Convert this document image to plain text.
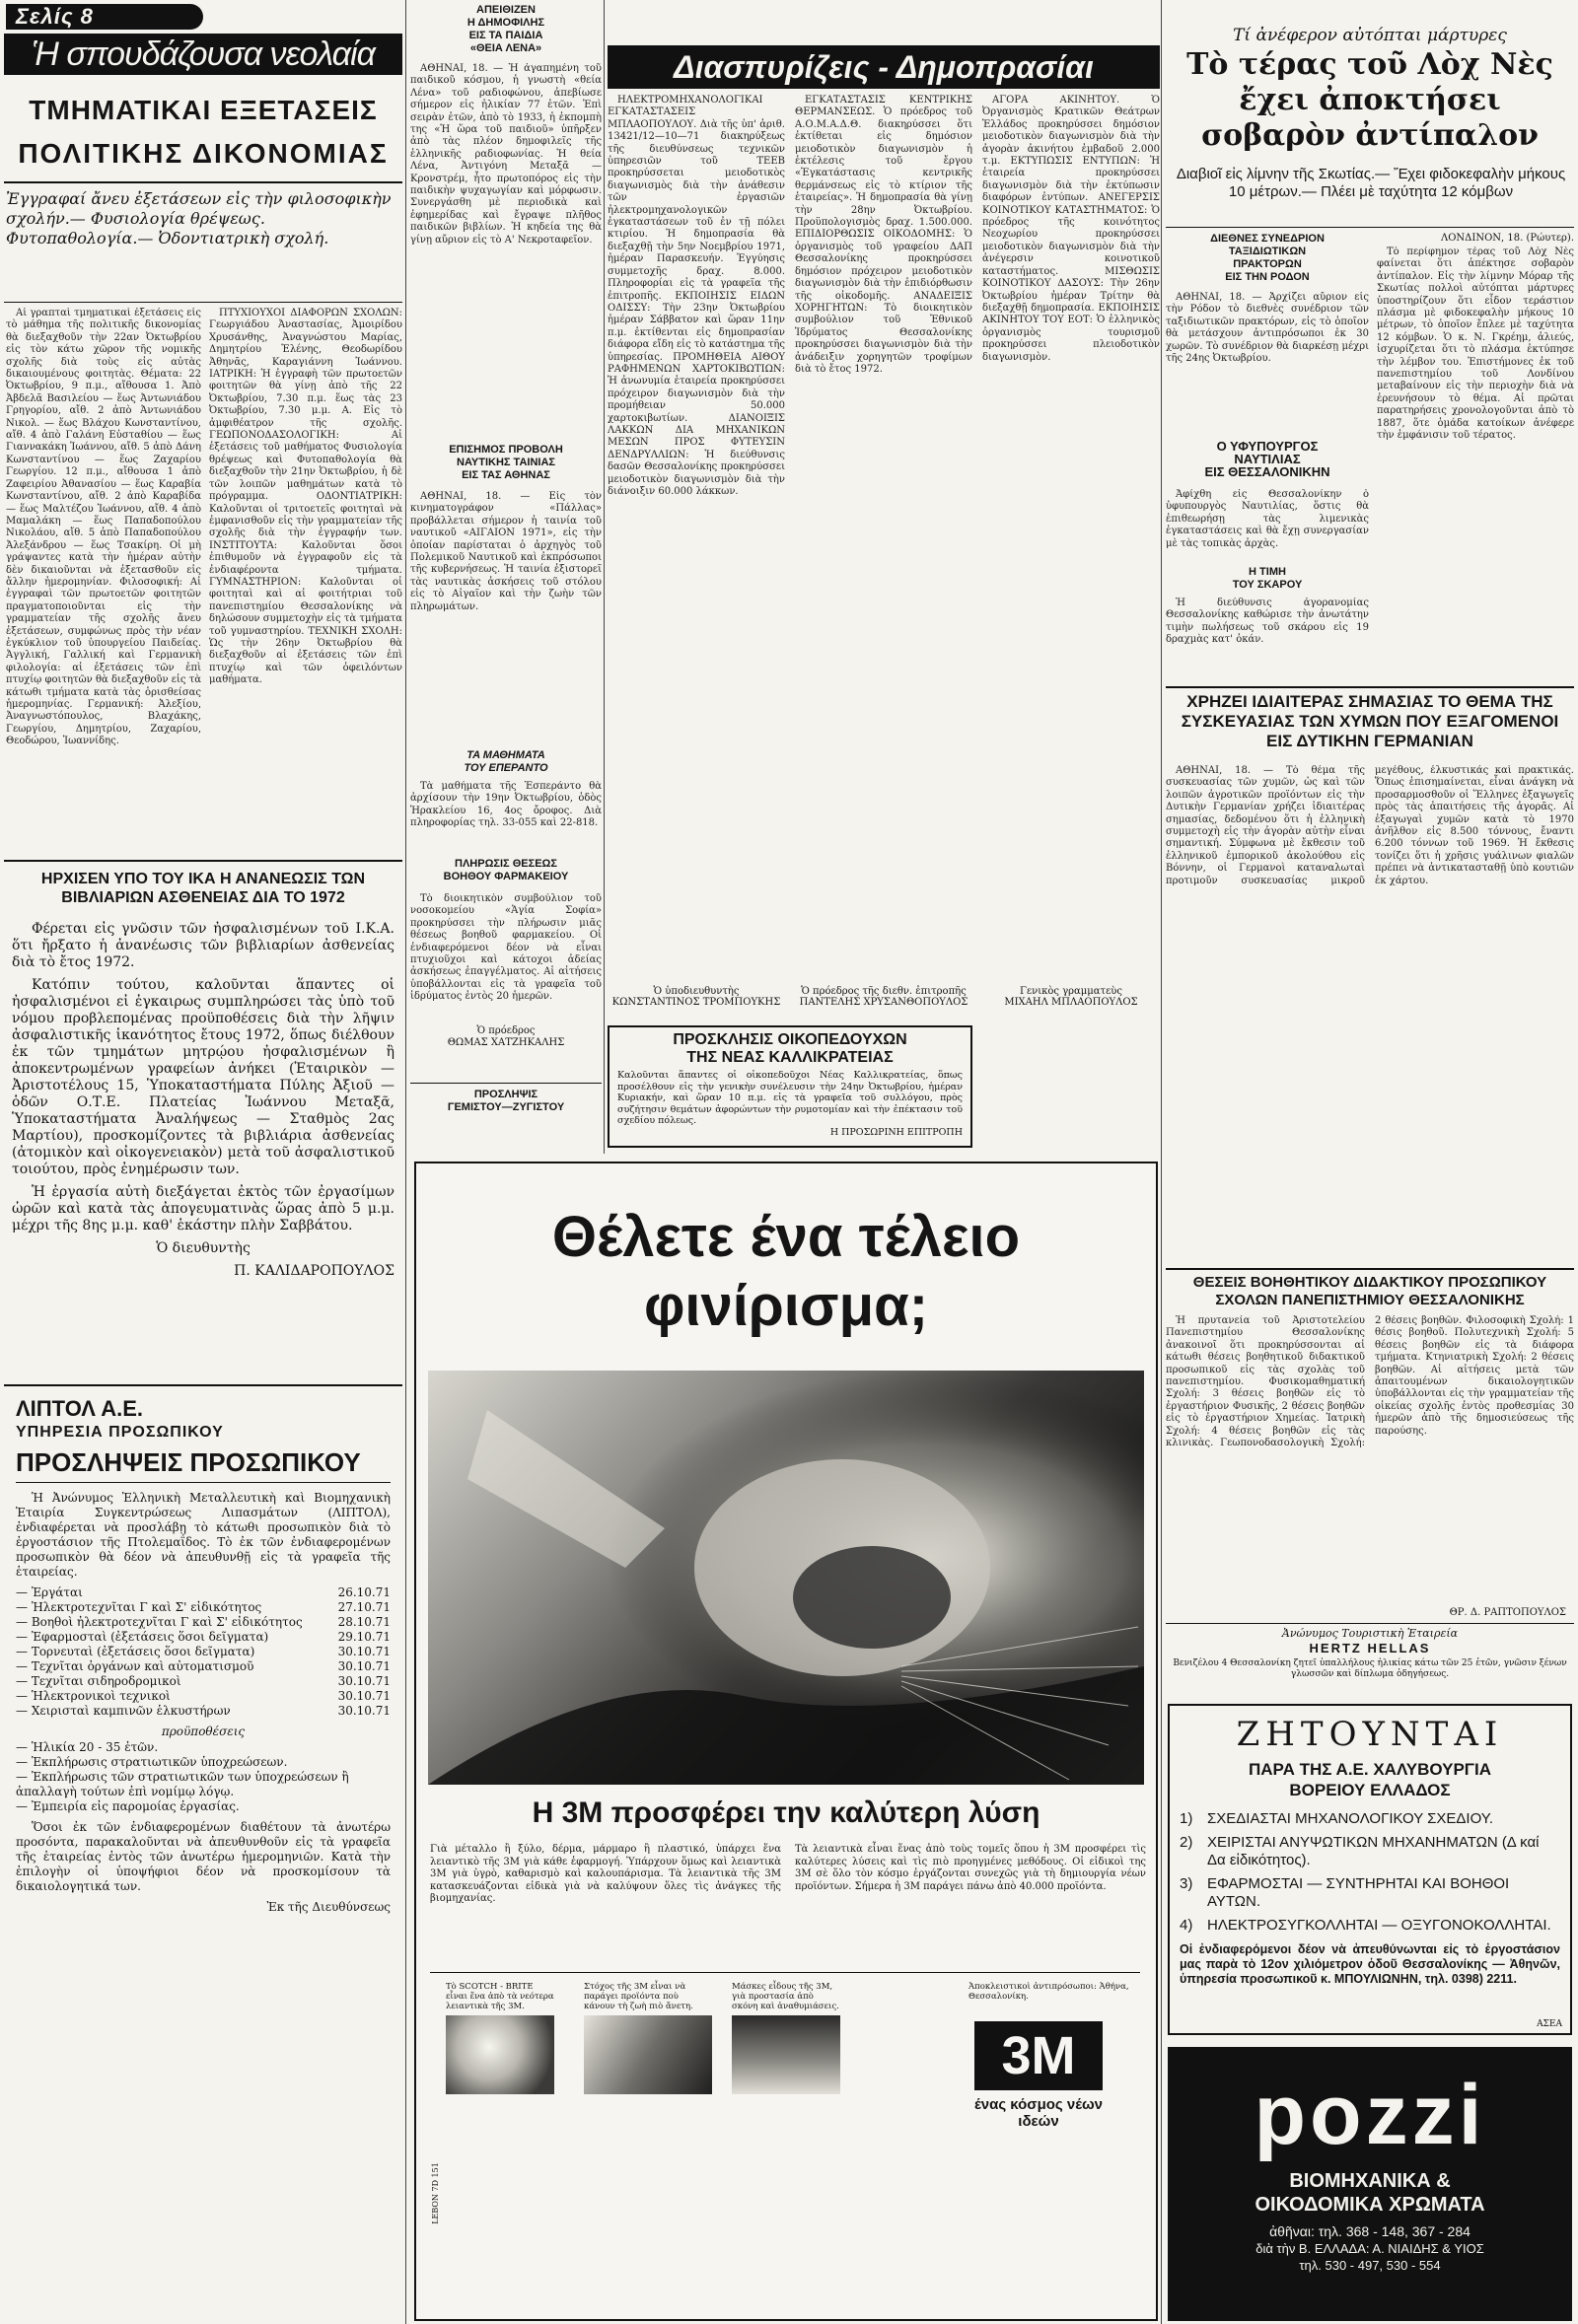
Σελίς 8
Ἡ σπουδάζουσα νεολαία
ΤΜΗΜΑΤΙΚΑΙ ΕΞΕΤΑΣΕΙΣ
ΠΟΛΙΤΙΚΗΣ ΔΙΚΟΝΟΜΙΑΣ

Ἐγγραφαί ἄνευ ἐξετάσεων εἰς τὴν φιλοσοφικὴν σχολήν.— Φυσιολογία θρέψεως. Φυτοπαθολογία.— Ὀδοντιατρικὴ σχολή.

Αἱ γραπταὶ τμηματικαὶ ἐξετάσεις εἰς τὸ μάθημα τῆς πολιτικῆς δικονομίας θὰ διεξαχθοῦν τὴν 22αν Ὀκτωβρίου εἰς τὸν κάτω χῶρον τῆς νομικῆς σχολῆς διὰ τοὺς εἰς αὐτὰς δικαιουμένους φοιτητὰς. Θέματα: 22 Ὀκτωβρίου, 9 π.μ., αἴθουσα 1. Ἀπὸ Ἀβδελᾶ Βασιλείου — ἕως Ἀντωνιάδου Γρηγορίου, αἴθ. 2 ἀπὸ Ἀντωνιάδου Νικολ. — ἕως Βλάχου Κωνσταντίνου, αἴθ. 4 ἀπὸ Γαλάνη Εὐσταθίου — ἕως Γιαννακάκη Ἰωάννου, αἴθ. 5 ἀπὸ Δάνη Κωνσταντίνου — ἕως Ζαχαρίου Γεωργίου. 12 π.μ., αἴθουσα 1 ἀπὸ Ζαφειρίου Ἀθανασίου — ἕως Καραβία Κωνσταντίνου, αἴθ. 2 ἀπὸ Καραβίδα — ἕως Μαλτέζου Ἰωάννου, αἴθ. 4 ἀπὸ Μαμαλάκη — ἕως Παπαδοπούλου Νικολάου, αἴθ. 5 ἀπὸ Παπαδοπούλου Ἀλεξάνδρου — ἕως Τσακίρη. Οἱ μὴ γράψαντες κατὰ τὴν ἡμέραν αὐτὴν δὲν δικαιοῦνται νὰ ἐξετασθοῦν εἰς ἄλλην ἡμερομηνίαν. Φιλοσοφική: Αἱ ἐγγραφαὶ τῶν πρωτοετῶν φοιτητῶν πραγματοποιοῦνται εἰς τὴν γραμματείαν τῆς σχολῆς ἄνευ ἐξετάσεων, συμφώνως πρὸς τὴν νέαν ἐγκύκλιον τοῦ ὑπουργείου Παιδείας. Ἀγγλική, Γαλλική καὶ Γερμανικὴ φιλολογία: αἱ ἐξετάσεις τῶν ἐπὶ πτυχίῳ φοιτητῶν θὰ διεξαχθοῦν εἰς τὰ κάτωθι τμήματα κατὰ τὰς ὁρισθείσας ἡμερομηνίας. Γερμανική: Ἀλεξίου, Ἀναγνωστόπουλος, Βλαχάκης, Γεωργίου, Δημητρίου, Ζαχαρίου, Θεοδώρου, Ἰωαννίδης.

ΠΤΥΧΙΟΥΧΟΙ ΔΙΑΦΟΡΩΝ ΣΧΟΛΩΝ: Γεωργιάδου Ἀναστασίας, Ἀμοιρίδου Χρυσάνθης, Ἀναγνώστου Μαρίας, Δημητρίου Ἑλένης, Θεοδωρίδου Ἀθηνᾶς, Καραγιάννη Ἰωάννου. ΙΑΤΡΙΚΗ: Ἡ ἐγγραφὴ τῶν πρωτοετῶν φοιτητῶν θὰ γίνῃ ἀπὸ τῆς 22 Ὀκτωβρίου, 7.30 π.μ. ἕως τὰς 23 Ὀκτωβρίου, 7.30 μ.μ. Α. Εἰς τὸ ἀμφιθέατρον τῆς σχολῆς. ΓΕΩΠΟΝΟΔΑΣΟΛΟΓΙΚΗ: Αἱ ἐξετάσεις τοῦ μαθήματος Φυσιολογία θρέψεως καὶ Φυτοπαθολογία θὰ διεξαχθοῦν τὴν 21ην Ὀκτωβρίου, ἡ δὲ τῶν λοιπῶν μαθημάτων κατὰ τὸ πρόγραμμα. ΟΔΟΝΤΙΑΤΡΙΚΗ: Καλοῦνται οἱ τριτοετεῖς φοιτηταὶ νὰ ἐμφανισθοῦν εἰς τὴν γραμματείαν τῆς σχολῆς διὰ τὴν ἐγγραφήν των. ΙΝΣΤΙΤΟΥΤΑ: Καλοῦνται ὅσοι ἐπιθυμοῦν νὰ ἐγγραφοῦν εἰς τὰ ἐνδιαφέροντα τμήματα. ΓΥΜΝΑΣΤΗΡΙΟΝ: Καλοῦνται οἱ φοιτηταὶ καὶ αἱ φοιτήτριαι τοῦ πανεπιστημίου Θεσσαλονίκης νὰ δηλώσουν συμμετοχὴν εἰς τὰ τμήματα τοῦ γυμναστηρίου. ΤΕΧΝΙΚΗ ΣΧΟΛΗ: Ὡς τὴν 26ην Ὀκτωβρίου θὰ διεξαχθοῦν αἱ ἐξετάσεις τῶν ἐπὶ πτυχίῳ καὶ τῶν ὀφειλόντων μαθήματα.

ΗΡΧΙΣΕΝ ΥΠΟ ΤΟΥ ΙΚΑ Η ΑΝΑΝΕΩΣΙΣ ΤΩΝ ΒΙΒΛΙΑΡΙΩΝ ΑΣΘΕΝΕΙΑΣ ΔΙΑ ΤΟ 1972

Φέρεται εἰς γνῶσιν τῶν ἠσφαλισμένων τοῦ Ι.Κ.Α. ὅτι ἤρξατο ἡ ἀνανέωσις τῶν βιβλιαρίων ἀσθενείας διὰ τὸ ἔτος 1972.

Κατόπιν τούτου, καλοῦνται ἅπαντες οἱ ἠσφαλισμένοι εἰ ἐγκαιρως συμπληρώσει τὰς ὑπὸ τοῦ νόμου προβλεπομένας προϋποθέσεις διὰ τὴν λῆψιν ἀσφαλιστικῆς ἱκανότητος ἔτους 1972, ὅπως διέλθουν ἐκ τῶν τμημάτων μητρῴου ἠσφαλισμένων ἢ ἀποκεντρωμένων γραφείων ἀνήκει (Ἑταιρικὸν — Ἀριστοτέλους 15, Ὑποκαταστήματα Πύλης Ἀξιοῦ — ὁδῶν Ο.Τ.Ε. Πλατείας Ἰωάννου Μεταξᾶ, Ὑποκαταστήματα Ἀναλήψεως — Σταθμὸς 2ας Μαρτίου), προσκομίζοντες τὰ βιβλιάρια ἀσθενείας (ἀτομικὸν καὶ οἰκογενειακὸν) μετὰ τοῦ ἀσφαλιστικοῦ τοιούτου, πρὸς ἐνημέρωσιν των.

Ἡ ἐργασία αὐτὴ διεξάγεται ἐκτὸς τῶν ἐργασίμων ὡρῶν καὶ κατὰ τὰς ἀπογευματινὰς ὥρας ἀπὸ 5 μ.μ. μέχρι τῆς 8ης μ.μ. καθ' ἑκάστην πλὴν Σαββάτου.

Ὁ διευθυντὴς

Π. ΚΑΛΙΔΑΡΟΠΟΥΛΟΣ

ΛΙΠΤΟΛ Α.Ε.
ΥΠΗΡΕΣΙΑ ΠΡΟΣΩΠΙΚΟΥ
ΠΡΟΣΛΗΨΕΙΣ ΠΡΟΣΩΠΙΚΟΥ

Ἡ Ἀνώνυμος Ἑλληνικὴ Μεταλλευτικὴ καὶ Βιομηχανικὴ Ἑταιρία Συγκεντρώσεως Λιπασμάτων (ΛΙΠΤΟΛ), ἐνδιαφέρεται νὰ προσλάβῃ τὸ κάτωθι προσωπικὸν διὰ τὸ ἐργοστάσιον τῆς Πτολεμαΐδος. Τὸ ἐκ τῶν ἐνδιαφερομένων προσωπικὸν θὰ δέον νὰ ἀπευθυνθῇ εἰς τὰ γραφεῖα τῆς ἑταιρείας.

— Ἐργάται	26.10.71
— Ἠλεκτροτεχνῖται Γ καὶ Σ' εἰδικότητος	27.10.71
— Βοηθοὶ ἠλεκτροτεχνῖται Γ καὶ Σ' εἰδικότητος	28.10.71
— Ἐφαρμοσταὶ (ἐξετάσεις ὅσοι δεῖγματα)	29.10.71
— Τορνευταὶ (ἐξετάσεις ὅσοι δεῖγματα)	30.10.71
— Τεχνῖται ὀργάνων καὶ αὐτοματισμοῦ	30.10.71
— Τεχνῖται σιδηροδρομικοὶ	30.10.71
— Ἡλεκτρονικοὶ τεχνικοὶ	30.10.71
— Χειρισταὶ καμπινῶν ἑλκυστήρων	30.10.71

προϋποθέσεις

— Ἡλικία 20 - 35 ἐτῶν.

— Ἐκπλήρωσις στρατιωτικῶν ὑποχρεώσεων.

— Ἐκπλήρωσις τῶν στρατιωτικῶν των ὑποχρεώσεων ἢ ἀπαλλαγὴ τούτων ἐπὶ νομίμῳ λόγῳ.

— Ἐμπειρία εἰς παρομοίας ἐργασίας.

Ὅσοι ἐκ τῶν ἐνδιαφερομένων διαθέτουν τὰ ἀνωτέρω προσόντα, παρακαλοῦνται νὰ ἀπευθυνθοῦν εἰς τὰ γραφεῖα τῆς ἑταιρείας ἐντὸς τῶν ἀνωτέρω ἡμερομηνιῶν. Κατὰ τὴν ἐπιλογὴν οἱ ὑποψήφιοι δέον νὰ προσκομίσουν τὰ δικαιολογητικά των.

Ἐκ τῆς Διευθύνσεως

ΑΠΕΙΘΙΖΕΝ

Η ΔΗΜΟΦΙΛΗΣ

ΕΙΣ ΤΑ ΠΑΙΔΙΑ

«ΘΕΙΑ ΛΕΝΑ»

ΑΘΗΝΑΙ, 18. — Ἡ ἀγαπημένη τοῦ παιδικοῦ κόσμου, ἡ γνωστὴ «θεία Λένα» τοῦ ραδιοφώνου, ἀπεβίωσε σήμερον εἰς ἡλικίαν 77 ἐτῶν. Ἐπὶ σειρὰν ἐτῶν, ἀπὸ τὸ 1933, ἡ ἐκπομπὴ της «Ἡ ὥρα τοῦ παιδιοῦ» ὑπῆρξεν ἀπὸ τὰς πλέον δημοφιλεῖς τῆς ἑλληνικῆς ραδιοφωνίας. Ἡ θεία Λένα, Ἀντιγόνη Μεταξᾶ — Κρονστρέμ, ἦτο πρωτοπόρος εἰς τὴν παιδικὴν ψυχαγωγίαν καὶ μόρφωσιν. Συνεργάσθη μὲ περιοδικὰ καὶ ἐφημερίδας καὶ ἔγραψε πλῆθος παιδικῶν βιβλίων. Ἡ κηδεία της θὰ γίνῃ αὔριον εἰς τὸ Α' Νεκροταφεῖον.

ΕΠΙΣΗΜΟΣ ΠΡΟΒΟΛΗ

ΝΑΥΤΙΚΗΣ ΤΑΙΝΙΑΣ

ΕΙΣ ΤΑΣ ΑΘΗΝΑΣ

ΑΘΗΝΑΙ, 18. — Εἰς τὸν κινηματογράφον «Πάλλας» προβάλλεται σήμερον ἡ ταινία τοῦ ναυτικοῦ «ΑΙΓΑΙΟΝ 1971», εἰς τὴν ὁποίαν παρίσταται ὁ ἀρχηγὸς τοῦ Πολεμικοῦ Ναυτικοῦ καὶ ἐκπρόσωποι τῆς κυβερνήσεως. Ἡ ταινία ἐξιστορεῖ τὰς ναυτικὰς ἀσκήσεις τοῦ στόλου εἰς τὸ Αἰγαῖον καὶ τὴν ζωὴν τῶν πληρωμάτων.

ΤΑ ΜΑΘΗΜΑΤΑ

ΤΟΥ ΕΠΕΡΑΝΤΟ

Τὰ μαθήματα τῆς Ἐσπεράντο θὰ ἀρχίσουν τὴν 19ην Ὀκτωβρίου, ὁδὸς Ἡρακλείου 16, 4ος ὄροφος. Διὰ πληροφορίας τηλ. 33-055 καὶ 22-818.

ΠΛΗΡΩΣΙΣ ΘΕΣΕΩΣ

ΒΟΗΘΟΥ ΦΑΡΜΑΚΕΙΟΥ

Τὸ διοικητικὸν συμβούλιον τοῦ νοσοκομείου «Ἁγία Σοφία» προκηρύσσει τὴν πλήρωσιν μιᾶς θέσεως βοηθοῦ φαρμακείου. Οἱ ἐνδιαφερόμενοι δέον νὰ εἶναι πτυχιοῦχοι καὶ κάτοχοι ἀδείας ἀσκήσεως ἐπαγγέλματος. Αἱ αἰτήσεις ὑποβάλλονται εἰς τὰ γραφεῖα τοῦ ἱδρύματος ἐντὸς 20 ἡμερῶν.

Ὁ πρόεδρος

ΘΩΜΑΣ ΧΑΤΖΗΚΑΛΗΣ

ΠΡΟΣΛΗΨΙΣ

ΓΕΜΙΣΤΟΥ—ΖΥΓΙΣΤΟΥ

Διασπυρίζεις - Δημοπρασίαι

ΗΛΕΚΤΡΟΜΗΧΑΝΟΛΟΓΙΚΑΙ ΕΓΚΑΤΑΣΤΑΣΕΙΣ ΜΠΛΑΟΠΟΥΛΟΥ. Διὰ τῆς ὑπ' ἀριθ. 13421/12—10—71 διακηρύξεως τῆς διευθύνσεως τεχνικῶν ὑπηρεσιῶν τοῦ ΤΕΕΒ προκηρύσσεται μειοδοτικὸς διαγωνισμὸς διὰ τὴν ἀνάθεσιν τῶν ἐργασιῶν ἠλεκτρομηχανολογικῶν ἐγκαταστάσεων τοῦ ἐν τῇ πόλει κτιρίου. Ἡ δημοπρασία θὰ διεξαχθῇ τὴν 5ην Νοεμβρίου 1971, ἡμέραν Παρασκευήν. Ἐγγύησις συμμετοχῆς δραχ. 8.000. Πληροφορίαι εἰς τὰ γραφεῖα τῆς ἐπιτροπῆς. ΕΚΠΟΙΗΣΙΣ ΕΙΔΩΝ ΟΔΙΣΣΥ: Τὴν 23ην Ὀκτωβρίου ἡμέραν Σάββατον καὶ ὥραν 11ην π.μ. ἐκτίθενται εἰς δημοπρασίαν διάφορα εἴδη εἰς τὸ κατάστημα τῆς ὑπηρεσίας. ΠΡΟΜΗΘΕΙΑ ΑΙΘΟΥ ΡΑΦΗΜΕΝΩΝ ΧΑΡΤΟΚΙΒΩΤΙΩΝ: Ἡ ἀνωνυμία ἑταιρεία προκηρύσσει πρόχειρον διαγωνισμὸν διὰ τὴν προμήθειαν 50.000 χαρτοκιβωτίων. ΔΙΑΝΟΙΞΙΣ ΛΑΚΚΩΝ ΔΙΑ ΜΗΧΑΝΙΚΩΝ ΜΕΣΩΝ ΠΡΟΣ ΦΥΤΕΥΣΙΝ ΔΕΝΔΡΥΛΛΙΩΝ: Ἡ διεύθυνσις δασῶν Θεσσαλονίκης προκηρύσσει μειοδοτικὸν διαγωνισμὸν διὰ τὴν διάνοιξιν 60.000 λάκκων.

ΕΓΚΑΤΑΣΤΑΣΙΣ ΚΕΝΤΡΙΚΗΣ ΘΕΡΜΑΝΣΕΩΣ. Ὁ πρόεδρος τοῦ Α.Ο.Μ.Α.Δ.Θ. διακηρύσσει ὅτι ἐκτίθεται εἰς δημόσιον μειοδοτικὸν διαγωνισμὸν ἡ ἐκτέλεσις τοῦ ἔργου «Ἐγκατάστασις κεντρικῆς θερμάνσεως εἰς τὸ κτίριον τῆς ἑταιρείας». Ἡ δημοπρασία θὰ γίνῃ τὴν 28ην Ὀκτωβρίου. Προϋπολογισμὸς δραχ. 1.500.000. ΕΠΙΔΙΟΡΘΩΣΙΣ ΟΙΚΟΔΟΜΗΣ: Ὁ ὀργανισμὸς τοῦ γραφείου ΔΑΠ Θεσσαλονίκης προκηρύσσει δημόσιον πρόχειρον μειοδοτικὸν διαγωνισμὸν διὰ τὴν ἐπιδιόρθωσιν τῆς οἰκοδομῆς. ΑΝΑΔΕΙΞΙΣ ΧΟΡΗΓΗΤΩΝ: Τὸ διοικητικὸν συμβούλιον τοῦ Ἐθνικοῦ Ἱδρύματος Θεσσαλονίκης προκηρύσσει διαγωνισμὸν διὰ τὴν ἀνάδειξιν χορηγητῶν τροφίμων διὰ τὸ ἔτος 1972.

ΑΓΟΡΑ ΑΚΙΝΗΤΟΥ. Ὁ Ὀργανισμὸς Κρατικῶν Θεάτρων Ἑλλάδος προκηρύσσει δημόσιον μειοδοτικὸν διαγωνισμὸν διὰ τὴν ἀγορὰν ἀκινήτου ἐμβαδοῦ 2.000 τ.μ. ΕΚΤΥΠΩΣΙΣ ΕΝΤΥΠΩΝ: Ἡ ἑταιρεία προκηρύσσει διαγωνισμὸν διὰ τὴν ἐκτύπωσιν διαφόρων ἐντύπων. ΑΝΕΓΕΡΣΙΣ ΚΟΙΝΟΤΙΚΟΥ ΚΑΤΑΣΤΗΜΑΤΟΣ: Ὁ πρόεδρος τῆς κοινότητος Νεοχωρίου προκηρύσσει μειοδοτικὸν διαγωνισμὸν διὰ τὴν ἀνέγερσιν κοινοτικοῦ καταστήματος. ΜΙΣΘΩΣΙΣ ΚΟΙΝΟΤΙΚΟΥ ΔΑΣΟΥΣ: Τὴν 26ην Ὀκτωβρίου ἡμέραν Τρίτην θὰ διεξαχθῇ δημοπρασία. ΕΚΠΟΙΗΣΙΣ ΑΚΙΝΗΤΟΥ ΤΟΥ ΕΟΤ: Ὁ ἑλληνικὸς ὀργανισμὸς τουρισμοῦ προκηρύσσει πλειοδοτικὸν διαγωνισμὸν.

Ὁ ὑποδιευθυντὴς

ΚΩΝΣΤΑΝΤΙΝΟΣ ΤΡΟΜΠΟΥΚΗΣ

Ὁ πρόεδρος τῆς διεθν. ἐπιτροπῆς

ΠΑΝΤΕΛΗΣ ΧΡΥΣΑΝΘΟΠΟΥΛΟΣ

Γενικὸς γραμματεὺς

ΜΙΧΑΗΛ ΜΠΛΑΟΠΟΥΛΟΣ

ΠΡΟΣΚΛΗΣΙΣ ΟΙΚΟΠΕΔΟΥΧΩΝ

ΤΗΣ ΝΕΑΣ ΚΑΛΛΙΚΡΑΤΕΙΑΣ

Καλοῦνται ἅπαντες οἱ οἰκοπεδοῦχοι Νέας Καλλικρατείας, ὅπως προσέλθουν εἰς τὴν γενικὴν συνέλευσιν τὴν 24ην Ὀκτωβρίου, ἡμέραν Κυριακήν, καὶ ὥραν 10 π.μ. εἰς τὰ γραφεῖα τοῦ συλλόγου, πρὸς συζήτησιν θεμάτων ἀφορώντων τὴν ρυμοτομίαν καὶ τὴν ἐπέκτασιν τοῦ σχεδίου πόλεως.

Η ΠΡΟΣΩΡΙΝΗ ΕΠΙΤΡΟΠΗ

Θέλετε ένα τέλειο φινίρισμα;
Η 3Μ προσφέρει την καλύτερη λύση

Γιὰ μέταλλο ἢ ξύλο, δέρμα, μάρμαρο ἢ πλαστικό, ὑπάρχει ἕνα λειαντικὸ τῆς 3Μ γιὰ κάθε ἐφαρμογή. Ὑπάρχουν ὅμως καὶ λειαντικὰ 3Μ γιὰ ὑγρὸ, καθαρισμὸ καὶ καλουπάρισμα. Τὰ λειαντικὰ τῆς 3Μ κατασκευάζονται εἰδικὰ γιὰ νὰ καλύψουν ὅλες τὶς ἀνάγκες τῆς βιομηχανίας.

Τὰ λειαντικὰ εἶναι ἕνας ἀπὸ τοὺς τομεῖς ὅπου ἡ 3Μ προσφέρει τὶς καλύτερες λύσεις καὶ τὶς πιὸ προηγμένες μεθόδους. Οἱ εἰδικοὶ της 3Μ σὲ ὅλο τὸν κόσμο ἐργάζονται συνεχῶς γιὰ τὴ δημιουργία νέων προϊόντων. Σήμερα ἡ 3Μ παράγει πάνω ἀπὸ 40.000 προϊόντα.

LEBON 7D 151

Τὸ SCOTCH - BRITE εἶναι ἕνα ἀπὸ τὰ νεότερα λειαντικὰ τῆς 3Μ.

Στόχος τῆς 3Μ εἶναι νὰ παράγει προϊόντα ποὺ κάνουν τὴ ζωὴ πιὸ ἄνετη.

Μάσκες εἶδους τῆς 3Μ, γιὰ προστασία ἀπὸ σκόνη καὶ ἀναθυμιάσεις.

Ἀποκλειστικοὶ ἀντιπρόσωποι: Ἀθήνα, Θεσσαλονίκη.

3M

ένας κόσμος νέων ιδεών

Τί ἀνέφερον αὐτόπται μάρτυρες

Τὸ τέρας τοῦ Λὸχ Νὲς ἔχει ἀποκτήσει σοβαρὸν ἀντίπαλον

Διαβιοῖ εἰς λίμνην τῆς Σκωτίας.— Ἔχει φιδοκεφαλὴν μήκους 10 μέτρων.— Πλέει μὲ ταχύτητα 12 κόμβων

ΔΙΕΘΝΕΣ ΣΥΝΕΔΡΙΟΝ

ΤΑΞΙΔΙΩΤΙΚΩΝ

ΠΡΑΚΤΟΡΩΝ

ΕΙΣ ΤΗΝ ΡΟΔΟΝ

ΑΘΗΝΑΙ, 18. — Ἀρχίζει αὔριον εἰς τὴν Ρόδον τὸ διεθνὲς συνέδριον τῶν ταξιδιωτικῶν πρακτόρων, εἰς τὸ ὁποῖον θὰ μετάσχουν ἀντιπρόσωποι ἐκ 30 χωρῶν. Τὸ συνέδριον θὰ διαρκέσῃ μέχρι τῆς 24ης Ὀκτωβρίου.

Ο ΥΦΥΠΟΥΡΓΟΣ

ΝΑΥΤΙΛΙΑΣ

ΕΙΣ ΘΕΣΣΑΛΟΝΙΚΗΝ

Ἀφίχθη εἰς Θεσσαλονίκην ὁ ὑφυπουργὸς Ναυτιλίας, ὅστις θὰ ἐπιθεωρήσῃ τὰς λιμενικὰς ἐγκαταστάσεις καὶ θὰ ἔχῃ συνεργασίαν μὲ τὰς τοπικὰς ἀρχὰς.

Η ΤΙΜΗ

ΤΟΥ ΣΚΑΡΟΥ

Ἡ διεύθυνσις ἀγορανομίας Θεσσαλονίκης καθώρισε τὴν ἀνωτάτην τιμὴν πωλήσεως τοῦ σκάρου εἰς 19 δραχμὰς κατ' ὀκάν.

ΛΟΝΔΙΝΟΝ, 18. (Ρώυτερ).

Τὸ περίφημον τέρας τοῦ Λὸχ Νὲς φαίνεται ὅτι ἀπέκτησε σοβαρὸν ἀντίπαλον. Εἰς τὴν λίμνην Μόραρ τῆς Σκωτίας πολλοὶ αὐτόπται μάρτυρες ὑποστηρίζουν ὅτι εἶδον τεράστιον πλάσμα μὲ φιδοκεφαλὴν μήκους 10 μέτρων, τὸ ὁποῖον ἔπλεε μὲ ταχύτητα 12 κόμβων. Ὁ κ. Ν. Γκρέημ, ἀλιεύς, ἰσχυρίζεται ὅτι τὸ πλάσμα ἐκτύπησε τὴν λέμβον του. Ἐπιστήμονες ἐκ τοῦ πανεπιστημίου τοῦ Λονδίνου μεταβαίνουν εἰς τὴν περιοχὴν διὰ νὰ ἐρευνήσουν τὸ θέμα. Αἱ πρῶται παρατηρήσεις χρονολογοῦνται ἀπὸ τὸ 1887, ὅτε ὁμάδα κατοίκων ἀνέφερε τὴν ἐμφάνισιν τοῦ τέρατος.

ΧΡΗΖΕΙ ΙΔΙΑΙΤΕΡΑΣ ΣΗΜΑΣΙΑΣ ΤΟ ΘΕΜΑ ΤΗΣ ΣΥΣΚΕΥΑΣΙΑΣ ΤΩΝ ΧΥΜΩΝ ΠΟΥ ΕΞΑΓΟΜΕΝΟΙ ΕΙΣ ΔΥΤΙΚΗΝ ΓΕΡΜΑΝΙΑΝ

ΑΘΗΝΑΙ, 18. — Τὸ θέμα τῆς συσκευασίας τῶν χυμῶν, ὡς καὶ τῶν λοιπῶν ἀγροτικῶν προϊόντων εἰς τὴν Δυτικὴν Γερμανίαν χρήζει ἰδιαιτέρας σημασίας, δεδομένου ὅτι ἡ ἐλληνικὴ συμμετοχὴ εἰς τὴν ἀγορὰν αὐτὴν εἶναι σημαντική. Σύμφωνα μὲ ἔκθεσιν τοῦ ἑλληνικοῦ ἐμπορικοῦ ἀκολούθου εἰς Βόννην, οἱ Γερμανοὶ καταναλωταὶ προτιμοῦν συσκευασίας μικροῦ μεγέθους, ἐλκυστικάς καὶ πρακτικάς. Ὅπως ἐπισημαίνεται, εἶναι ἀνάγκη νὰ προσαρμοσθοῦν οἱ Ἕλληνες ἐξαγωγεῖς πρὸς τὰς ἀπαιτήσεις τῆς ἀγορᾶς. Αἱ ἐξαγωγαὶ χυμῶν κατὰ τὸ 1970 ἀνῆλθον εἰς 8.500 τόννους, ἔναντι 6.200 τόννων τοῦ 1969. Ἡ ἔκθεσις τονίζει ὅτι ἡ χρῆσις γυάλινων φιαλῶν πρέπει νὰ ἀντικατασταθῇ ὑπὸ κουτιῶν ἐκ χάρτου.

ΘΕΣΕΙΣ ΒΟΗΘΗΤΙΚΟΥ ΔΙΔΑΚΤΙΚΟΥ ΠΡΟΣΩΠΙΚΟΥ ΣΧΟΛΩΝ ΠΑΝΕΠΙΣΤΗΜΙΟΥ ΘΕΣΣΑΛΟΝΙΚΗΣ

Ἡ πρυτανεία τοῦ Ἀριστοτελείου Πανεπιστημίου Θεσσαλονίκης ἀνακοινοῖ ὅτι προκηρύσσονται αἱ κάτωθι θέσεις βοηθητικοῦ διδακτικοῦ προσωπικοῦ εἰς τὰς σχολὰς τοῦ πανεπιστημίου. Φυσικομαθηματική Σχολή: 3 θέσεις βοηθῶν εἰς τὸ ἐργαστήριον Φυσικῆς, 2 θέσεις βοηθῶν εἰς τὸ ἐργαστήριον Χημείας. Ἰατρικὴ Σχολή: 4 θέσεις βοηθῶν εἰς τὰς κλινικὰς. Γεωπονοδασολογικὴ Σχολή: 2 θέσεις βοηθῶν. Φιλοσοφικὴ Σχολή: 1 θέσις βοηθοῦ. Πολυτεχνικὴ Σχολή: 5 θέσεις βοηθῶν εἰς τὰ διάφορα τμήματα. Κτηνιατρικὴ Σχολή: 2 θέσεις βοηθῶν. Αἱ αἰτήσεις μετὰ τῶν ἀπαιτουμένων δικαιολογητικῶν ὑποβάλλονται εἰς τὴν γραμματείαν τῆς οἰκείας σχολῆς ἐντὸς προθεσμίας 30 ἡμερῶν ἀπὸ τῆς δημοσιεύσεως τῆς παρούσης.

ΘΡ. Δ. ΡΑΠΤΟΠΟΥΛΟΣ

Ἀνώνυμος Τουριστικὴ Ἑταιρεία

HERTZ HELLAS

Βενιζέλου 4 Θεσσαλονίκη ζητεῖ ὑπαλλήλους ἡλικίας κάτω τῶν 25 ἐτῶν, γνῶσιν ξένων γλωσσῶν καὶ δίπλωμα ὁδηγήσεως.

ΖΗΤΟΥΝΤΑΙ

ΠΑΡΑ ΤΗΣ Α.Ε. ΧΑΛΥΒΟΥΡΓΙΑ

ΒΟΡΕΙΟΥ ΕΛΛΑΔΟΣ

1) ΣΧΕΔΙΑΣΤΑΙ ΜΗΧΑΝΟΛΟΓΙΚΟΥ ΣΧΕΔΙΟΥ.
2) ΧΕΙΡΙΣΤΑΙ ΑΝΥΨΩΤΙΚΩΝ ΜΗΧΑΝΗΜΑΤΩΝ (Δ καί Δα εἰδικότητος).
3) ΕΦΑΡΜΟΣΤΑΙ — ΣΥΝΤΗΡΗΤΑΙ ΚΑΙ ΒΟΗΘΟΙ ΑΥΤΩΝ.
4) ΗΛΕΚΤΡΟΣΥΓΚΟΛΛΗΤΑΙ — ΟΞΥΓΟΝΟΚΟΛΛΗΤΑΙ.

Οἱ ἐνδιαφερόμενοι δέον νὰ ἀπευθύνωνται εἰς τὸ ἐργοστάσιον μας παρὰ τὸ 12ον χιλιόμετρον ὁδοῦ Θεσσαλονίκης — Ἀθηνῶν, ὑπηρεσία προσωπικοῦ κ. ΜΠΟΥΛΙΩΝΗΝ, τηλ. 0398) 2211.

ΑΣΕΑ

pozzi

ΒΙΟΜΗΧΑΝΙΚΑ &

ΟΙΚΟΔΟΜΙΚΑ ΧΡΩΜΑΤΑ

ἀθῆναι: τηλ. 368 - 148, 367 - 284

διὰ τὴν Β. ΕΛΛΑΔΑ: Α. ΝΙΑΙΔΗΣ & ΥΙΟΣ

τηλ. 530 - 497, 530 - 554
